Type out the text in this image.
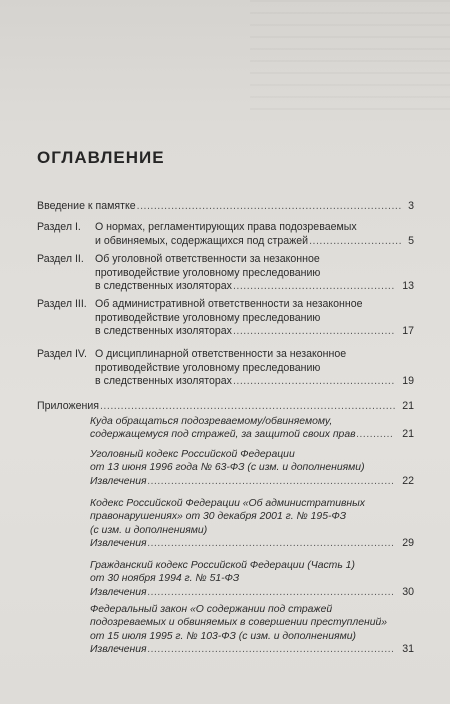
ОГЛАВЛЕНИЕ
Введение к памятке .....	3
Раздел I. О нормах, регламентирующих права подозреваемых
и обвиняемых, содержащихся под стражей .....	5
Раздел II. Об уголовной ответственности за незаконное
противодействие уголовному преследованию
в следственных изоляторах .....	13
Раздел III. Об административной ответственности за незаконное
противодействие уголовному преследованию
в следственных изоляторах .....	17
Раздел IV. О дисциплинарной ответственности за незаконное
противодействие уголовному преследованию
в следственных изоляторах .....	19
Приложения .....	21
Куда обращаться подозреваемому/обвиняемому,
содержащемуся под стражей, за защитой своих прав .....	21
Уголовный кодекс Российской Федерации
от 13 июня 1996 года № 63-ФЗ (с изм. и дополнениями)
Извлечения .....	22
Кодекс Российской Федерации «Об административных
правонарушениях» от 30 декабря 2001 г. № 195-ФЗ
(с изм. и дополнениями)
Извлечения .....	29
Гражданский кодекс Российской Федерации (Часть 1)
от 30 ноября 1994 г. № 51-ФЗ
Извлечения .....	30
Федеральный закон «О содержании под стражей
подозреваемых и обвиняемых в совершении преступлений»
от 15 июля 1995 г. № 103-ФЗ (с изм. и дополнениями)
Извлечения .....	31
